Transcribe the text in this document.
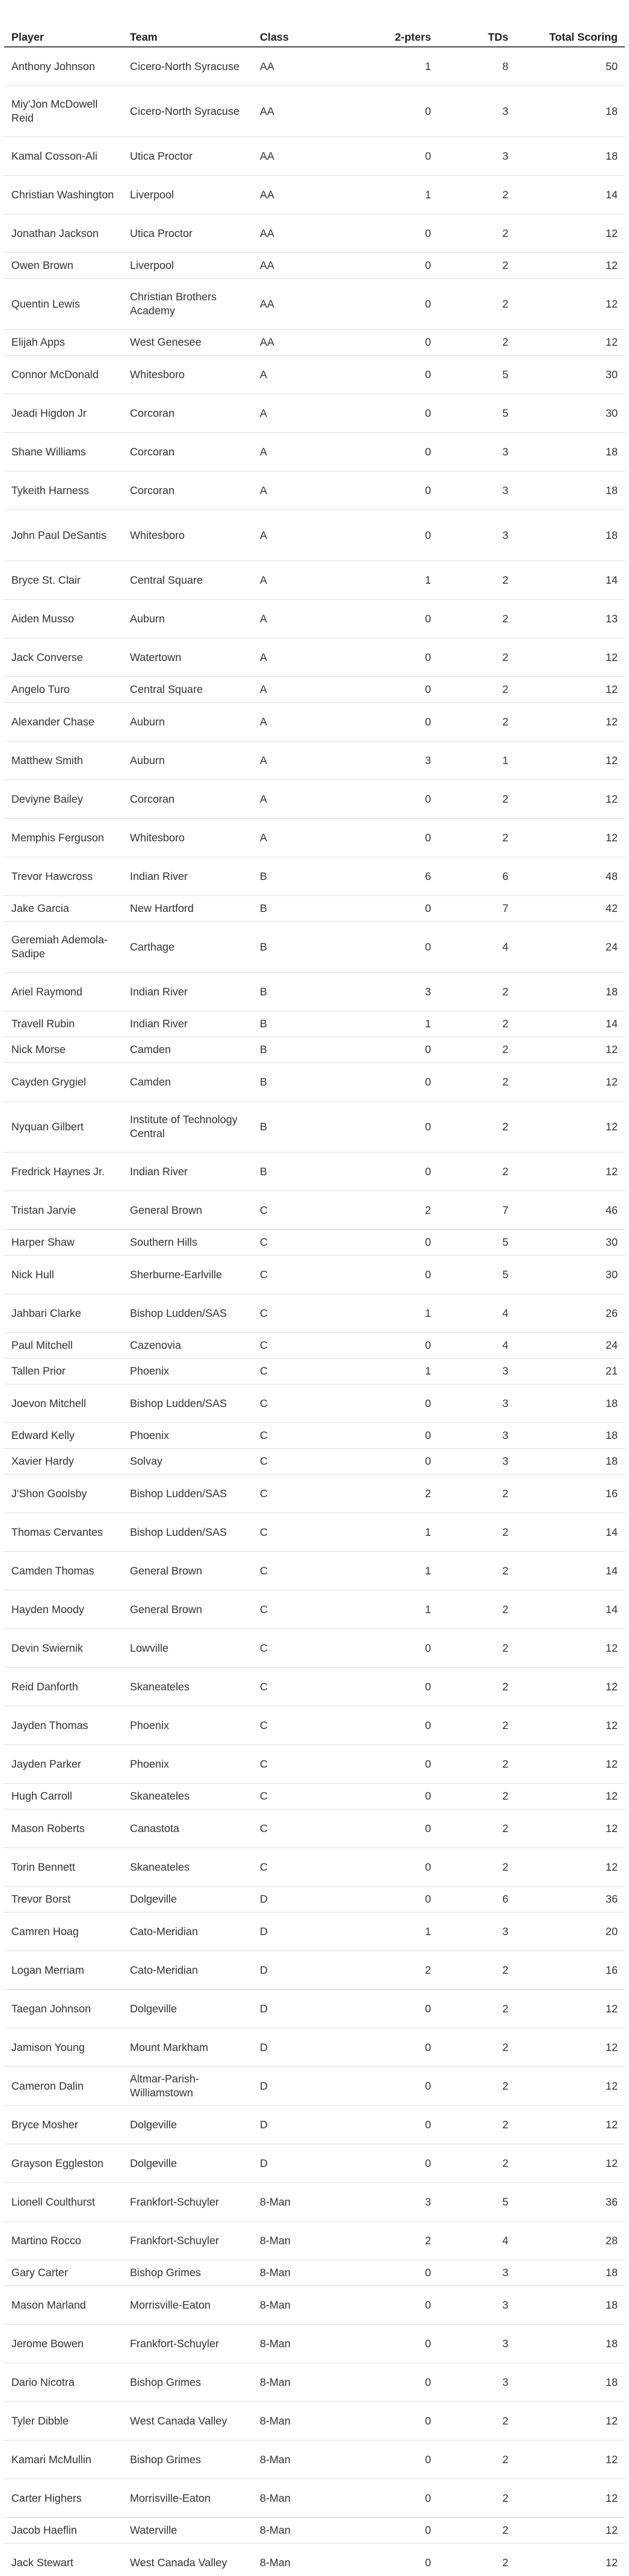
Player	Team	Class	2-pters	TDs	Total Scoring
Anthony Johnson	Cicero-North Syracuse	AA	1	8	50
Miy'Jon McDowell Reid	Cicero-North Syracuse	AA	0	3	18
Kamal Cosson-Ali	Utica Proctor	AA	0	3	18
Christian Washington	Liverpool	AA	1	2	14
Jonathan Jackson	Utica Proctor	AA	0	2	12
Owen Brown	Liverpool	AA	0	2	12
Quentin Lewis	Christian Brothers Academy	AA	0	2	12
Elijah Apps	West Genesee	AA	0	2	12
Connor McDonald	Whitesboro	A	0	5	30
Jeadi Higdon Jr	Corcoran	A	0	5	30
Shane Williams	Corcoran	A	0	3	18
Tykeith Harness	Corcoran	A	0	3	18
John Paul DeSantis	Whitesboro	A	0	3	18
Bryce St. Clair	Central Square	A	1	2	14
Aiden Musso	Auburn	A	0	2	13
Jack Converse	Watertown	A	0	2	12
Angelo Turo	Central Square	A	0	2	12
Alexander Chase	Auburn	A	0	2	12
Matthew Smith	Auburn	A	3	1	12
Deviyne Bailey	Corcoran	A	0	2	12
Memphis Ferguson	Whitesboro	A	0	2	12
Trevor Hawcross	Indian River	B	6	6	48
Jake Garcia	New Hartford	B	0	7	42
Geremiah Ademola-Sadipe	Carthage	B	0	4	24
Ariel Raymond	Indian River	B	3	2	18
Travell Rubin	Indian River	B	1	2	14
Nick Morse	Camden	B	0	2	12
Cayden Grygiel	Camden	B	0	2	12
Nyquan Gilbert	Institute of Technology Central	B	0	2	12
Fredrick Haynes Jr.	Indian River	B	0	2	12
Tristan Jarvie	General Brown	C	2	7	46
Harper Shaw	Southern Hills	C	0	5	30
Nick Hull	Sherburne-Earlville	C	0	5	30
Jahbari Clarke	Bishop Ludden/SAS	C	1	4	26
Paul Mitchell	Cazenovia	C	0	4	24
Tallen Prior	Phoenix	C	1	3	21
Joevon Mitchell	Bishop Ludden/SAS	C	0	3	18
Edward Kelly	Phoenix	C	0	3	18
Xavier Hardy	Solvay	C	0	3	18
J'Shon Goolsby	Bishop Ludden/SAS	C	2	2	16
Thomas Cervantes	Bishop Ludden/SAS	C	1	2	14
Camden Thomas	General Brown	C	1	2	14
Hayden Moody	General Brown	C	1	2	14
Devin Swiernik	Lowville	C	0	2	12
Reid Danforth	Skaneateles	C	0	2	12
Jayden Thomas	Phoenix	C	0	2	12
Jayden Parker	Phoenix	C	0	2	12
Hugh Carroll	Skaneateles	C	0	2	12
Mason Roberts	Canastota	C	0	2	12
Torin Bennett	Skaneateles	C	0	2	12
Trevor Borst	Dolgeville	D	0	6	36
Camren Hoag	Cato-Meridian	D	1	3	20
Logan Merriam	Cato-Meridian	D	2	2	16
Taegan Johnson	Dolgeville	D	0	2	12
Jamison Young	Mount Markham	D	0	2	12
Cameron Dalin	Altmar-Parish-Williamstown	D	0	2	12
Bryce Mosher	Dolgeville	D	0	2	12
Grayson Eggleston	Dolgeville	D	0	2	12
Lionell Coulthurst	Frankfort-Schuyler	8-Man	3	5	36
Martino Rocco	Frankfort-Schuyler	8-Man	2	4	28
Gary Carter	Bishop Grimes	8-Man	0	3	18
Mason Marland	Morrisville-Eaton	8-Man	0	3	18
Jerome Bowen	Frankfort-Schuyler	8-Man	0	3	18
Dario Nicotra	Bishop Grimes	8-Man	0	3	18
Tyler Dibble	West Canada Valley	8-Man	0	2	12
Kamari McMullin	Bishop Grimes	8-Man	0	2	12
Carter Highers	Morrisville-Eaton	8-Man	0	2	12
Jacob Haeflin	Waterville	8-Man	0	2	12
Jack Stewart	West Canada Valley	8-Man	0	2	12
